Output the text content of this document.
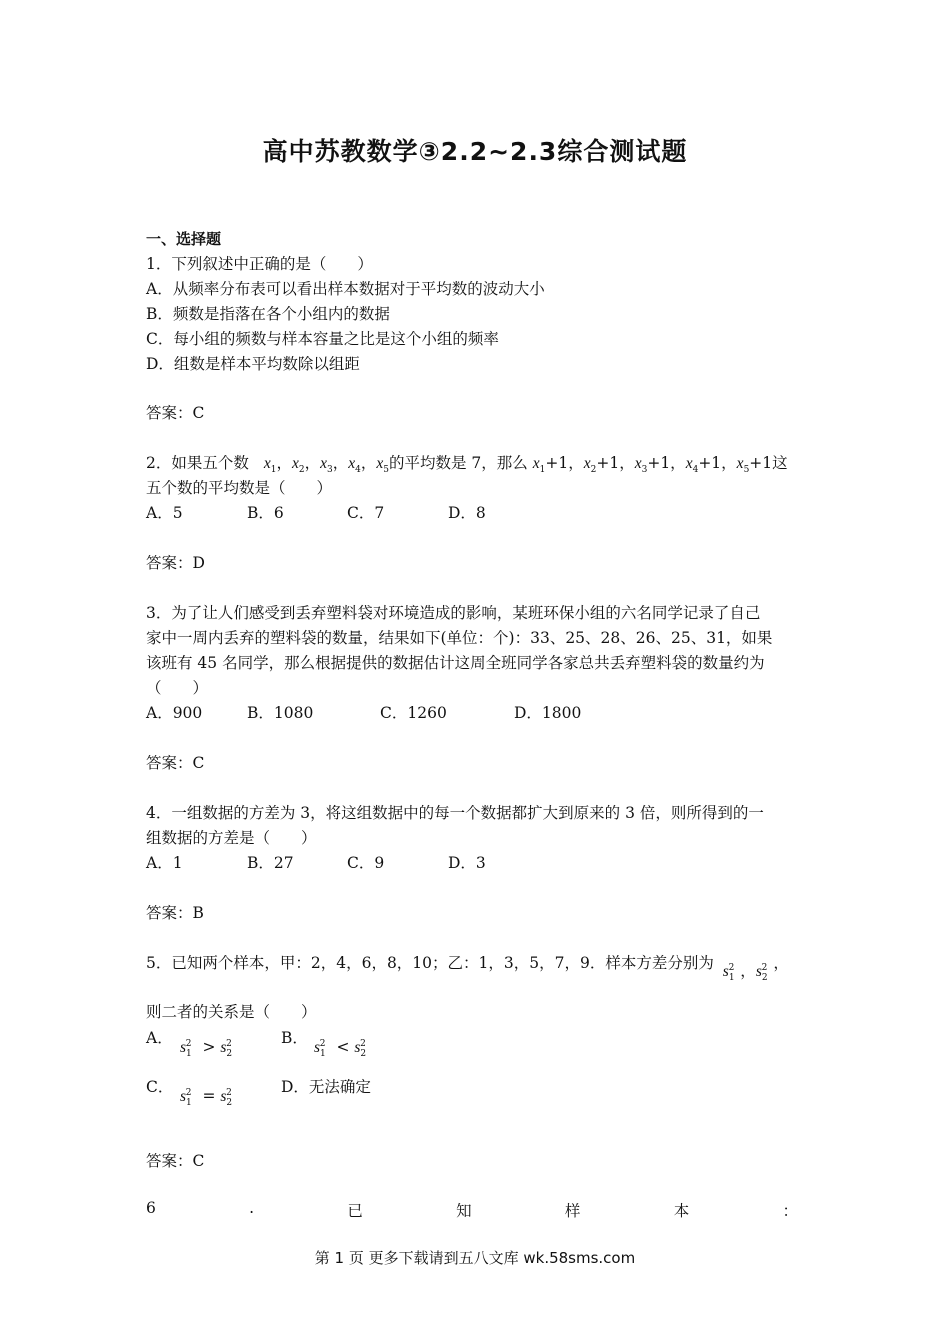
高中苏教数学③2.2~2.3综合测试题
一、选择题
1．下列叙述中正确的是（　　）
A．从频率分布表可以看出样本数据对于平均数的波动大小
B．频数是指落在各个小组内的数据
C．每小组的频数与样本容量之比是这个小组的频率
D．组数是样本平均数除以组距
答案：C
2．如果五个数 $x_1$，$x_2$，$x_3$，$x_4$，$x_5$的平均数是 7，那么 $x_1+1$，$x_2+1$，$x_3+1$，$x_4+1$，$x_5+1$这
五个数的平均数是（　　）
A．5	B．6	C．7	D．8
答案：D
3．为了让人们感受到丢弃塑料袋对环境造成的影响，某班环保小组的六名同学记录了自己
家中一周内丢弃的塑料袋的数量，结果如下(单位：个)：33、25、28、26、25、31，如果
该班有 45 名同学，那么根据提供的数据估计这周全班同学各家总共丢弃塑料袋的数量约为
（　　）
A．900	B．1080	C．1260	D．1800
答案：C
4．一组数据的方差为 3，将这组数据中的每一个数据都扩大到原来的 3 倍，则所得到的一
组数据的方差是（　　）
A．1	B．27	C．9	D．3
答案：B
5．已知两个样本，甲：2，4，6，8，10；乙：1，3，5，7，9．样本方差分别为 $s_1^2$ ，$s_2^2$ ，
则二者的关系是（　　）
A．
$s_1^2 > s_2^2$	B．
$s_1^2 < s_2^2$
C．
$s_1^2 = s_2^2$	D．无法确定
答案：C
6	.	已	知	样	本	：
第 1 页 更多下载请到五八文库 wk.58sms.com
